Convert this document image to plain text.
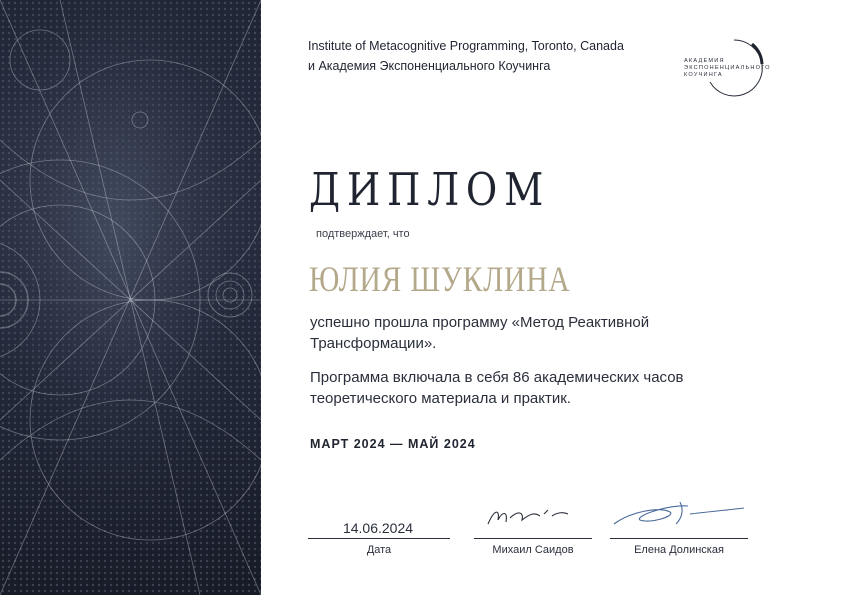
Institute of Metacognitive Programming, Toronto, Canada
и Академия Экспоненциального Коучинга	АКАДЕМИЯ
ЭКСПОНЕНЦИАЛЬНОГО
КОУЧИНГА
ДИПЛОМ
подтверждает, что
ЮЛИЯ ШУКЛИНА
успешно прошла программу «Метод Реактивной Трансформации».
Программа включала в себя 86 академических часов теоретического материала и практик.
МАРТ 2024 — МАЙ 2024
14.06.2024
Дата	Михаил Саидов	Елена Долинская
